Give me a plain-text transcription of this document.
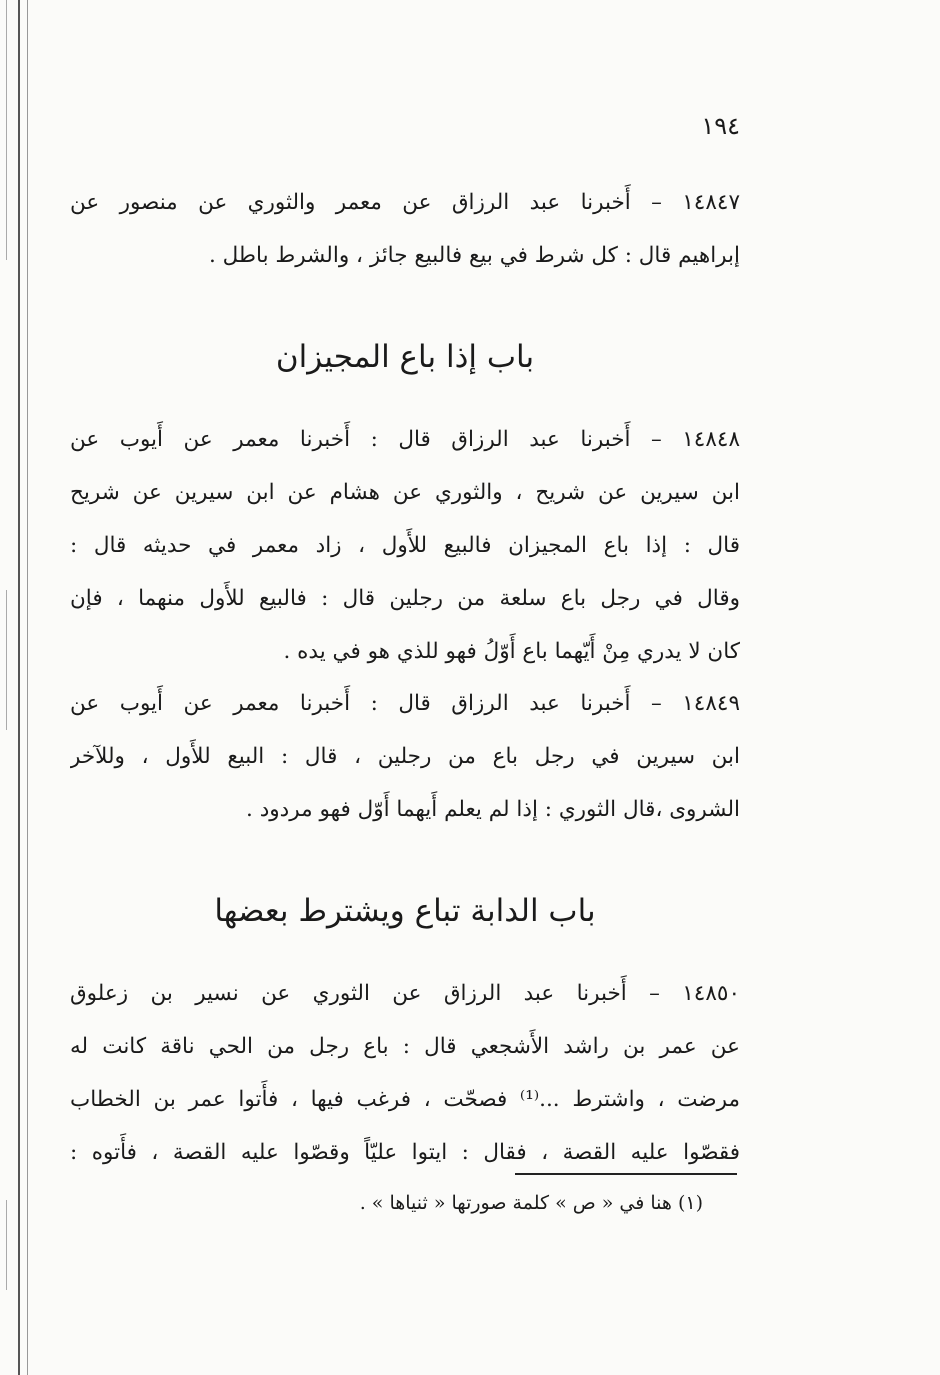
١٩٤
١٤٨٤٧ – أَخبرنا عبد الرزاق عن معمر والثوري عن منصور عن
إبراهيم قال : كل شرط في بيع فالبيع جائز ، والشرط باطل .
باب إذا باع المجيزان
١٤٨٤٨ – أَخبرنا عبد الرزاق قال : أَخبرنا معمر عن أَيوب عن
ابن سيرين عن شريح ، والثوري عن هشام عن ابن سيرين عن شريح
قال : إذا باع المجيزان فالبيع للأَول ، زاد معمر في حديثه قال :
وقال في رجل باع سلعة من رجلين قال : فالبيع للأَول منهما ، فإن
كان لا يدري مِنْ أَيّهما باع أَوّلُ فهو للذي هو في يده .
١٤٨٤٩ – أَخبرنا عبد الرزاق قال : أَخبرنا معمر عن أَيوب عن
ابن سيرين في رجل باع من رجلين ، قال : البيع للأَول ، وللآخر
الشروى ،قال الثوري : إذا لم يعلم أَيهما أَوّل فهو مردود .
باب الدابة تباع ويشترط بعضها
١٤٨٥٠ – أَخبرنا عبد الرزاق عن الثوري عن نسير بن زعلوق
عن عمر بن راشد الأَشجعي قال : باع رجل من الحي ناقة كانت له
مرضت ، واشترط ...⁽¹⁾ فصحّت ، فرغب فيها ، فأَتوا عمر بن الخطاب
فقصّوا عليه القصة ، فقال : ايتوا عليّاً وقصّوا عليه القصة ، فأَتوه :
(١) هنا في « ص » كلمة صورتها « ثنياها » .
